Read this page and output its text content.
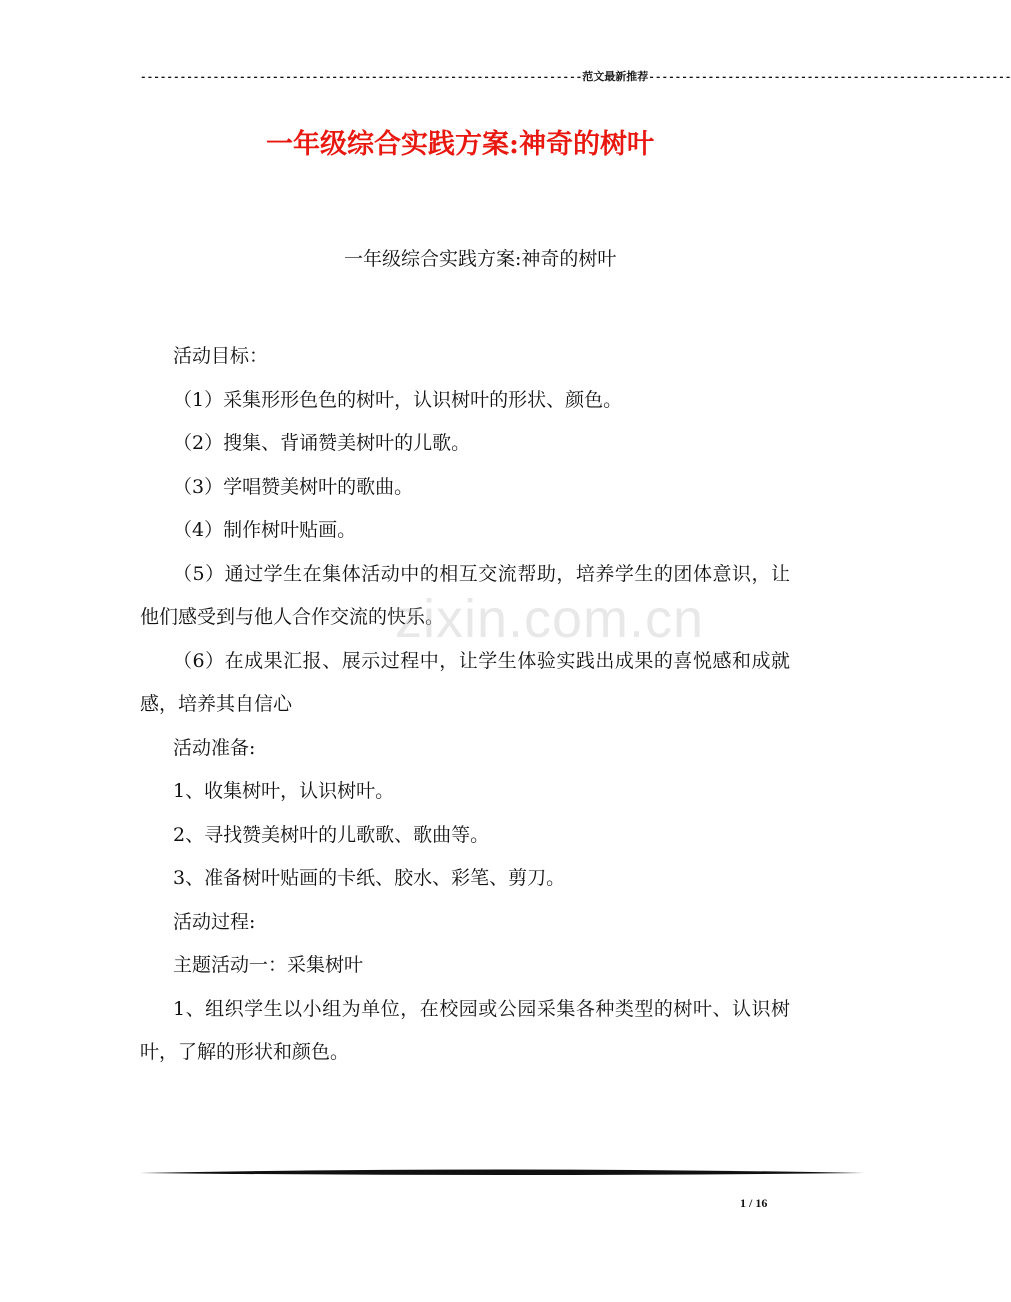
-------------------------------------------------------------------范文最新推荐-------------------------------------------------------
一年级综合实践方案:神奇的树叶
一年级综合实践方案:神奇的树叶

活动目标：

（1）采集形形色色的树叶，认识树叶的形状、颜色。

（2）搜集、背诵赞美树叶的儿歌。

（3）学唱赞美树叶的歌曲。

（4）制作树叶贴画。

（5）通过学生在集体活动中的相互交流帮助，培养学生的团体意识，让他们感受到与他人合作交流的快乐。

（6）在成果汇报、展示过程中，让学生体验实践出成果的喜悦感和成就感，培养其自信心

活动准备:

1、收集树叶，认识树叶。

2、寻找赞美树叶的儿歌歌、歌曲等。

3、准备树叶贴画的卡纸、胶水、彩笔、剪刀。

活动过程:

主题活动一：采集树叶

1、组织学生以小组为单位，在校园或公园采集各种类型的树叶、认识树叶，了解的形状和颜色。

zixin.com.cn
1 / 16
